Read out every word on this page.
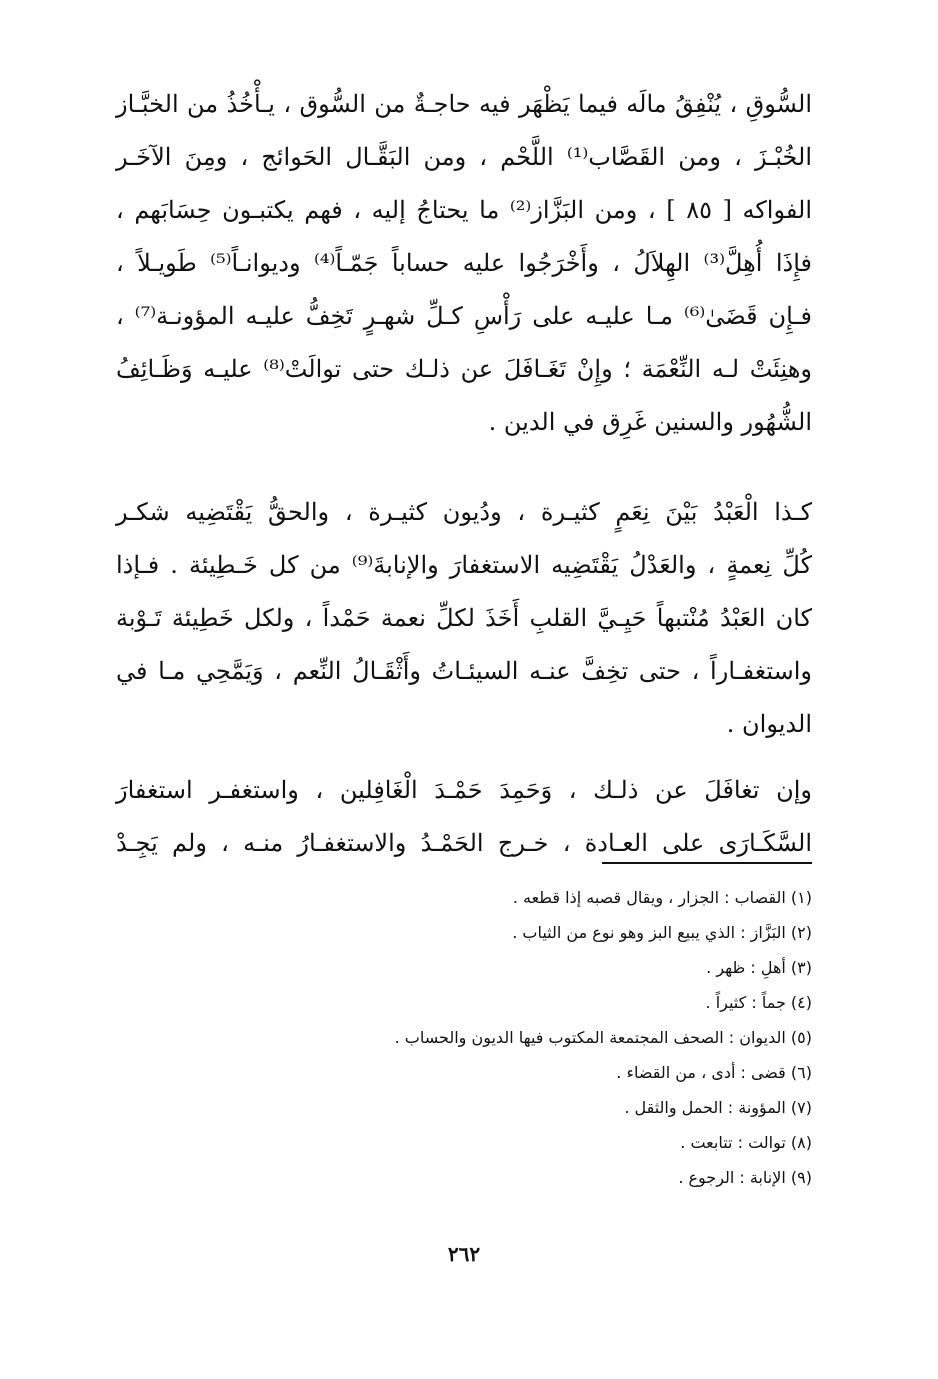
السُّوقِ ، يُنْفِقُ مالَه فيما يَظْهَر فيه حاجـةٌ من السُّوق ، يـأْخُذُ من الخبَّـاز
الخُبْـزَ ، ومن القَصَّاب⁽¹⁾ اللَّحْم ، ومن البَقَّـال الحَوائج ، ومِنَ الآخَـر
الفواكه [ ٨٥ ] ، ومن البَزَّاز⁽²⁾ ما يحتاجُ إليه ، فهم يكتبـون حِسَابَهم ،
فإِذَا أُهِلَّ⁽³⁾ الهِلاَلُ ، وأَخْرَجُوا عليه حساباً جَمّـاً⁽⁴⁾ وديوانـاً⁽⁵⁾ طَويـلاً ،
فـإِن قَضَىٰ⁽⁶⁾ مـا عليـه على رَأْسِ كـلِّ شهـرٍ تَخِفُّ عليـه المؤونـة⁽⁷⁾ ،
وهنِئَتْ لـه النِّعْمَة ؛ وإِنْ تَغَـافَلَ عن ذلـك حتى توالَتْ⁽⁸⁾ عليـه وَظَـائِفُ
الشُّهُور والسنين غَرِق في الدين .
كـذا الْعَبْدُ بَيْنَ نِعَمٍ كثيـرة ، ودُيون كثيـرة ، والحقُّ يَقْتَضِيه شكـر
كُلِّ نِعمةٍ ، والعَدْلُ يَقْتَضِيه الاستغفارَ والإنابةَ⁽⁹⁾ من كل خَـطِيئة . فـإذا
كان العَبْدُ مُنْتبهاً حَيِـيَّ القلبِ أَخَذَ لكلِّ نعمة حَمْداً ، ولكل خَطِيئة تَـوْبة
واستغفـاراً ، حتى تخِفَّ عنـه السيئـاتُ وأَثْقَـالُ النِّعم ، وَيَمَّحِي مـا في
الديوان .
وإن تغافَلَ عن ذلـك ، وَحَمِدَ حَمْـدَ الْغَافِلين ، واستغفـر استغفارَ
السَّكَـارَى على العـادة ، خـرج الحَمْـدُ والاستغفـارُ منـه ، ولم يَجِـدْ
(١) القصاب : الجزار ، ويقال قصبه إذا قطعه .
(٢) البَزَّاز : الذي يبيع البز وهو نوع من الثياب .
(٣) أهلِ : ظهر .
(٤) جماً : كثيراً .
(٥) الديوان : الصحف المجتمعة المكتوب فيها الديون والحساب .
(٦) قضى : أدى ، من القضاء .
(٧) المؤونة : الحمل والثقل .
(٨) توالت : تتابعت .
(٩) الإنابة : الرجوع .
٢٦٢
